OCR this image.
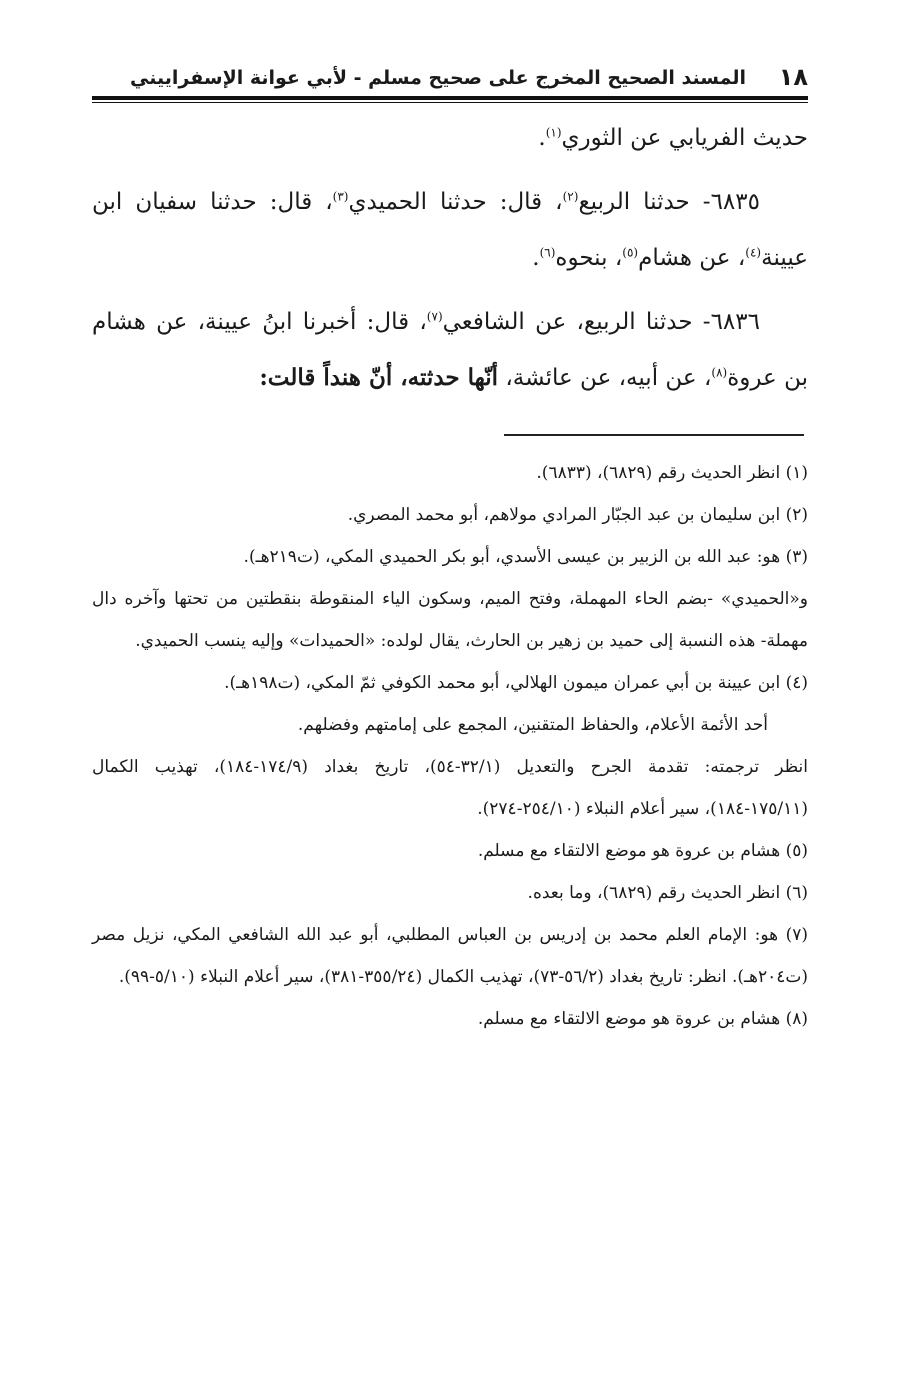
١٨
المسند الصحيح المخرج على صحيح مسلم - لأبي عوانة الإسفراييني

حديث الفريابي عن الثوري$^{(١)}$.

٦٨٣٥- حدثنا الربيع$^{(٢)}$، قال: حدثنا الحميدي$^{(٣)}$، قال: حدثنا سفيان ابن عيينة$^{(٤)}$، عن هشام$^{(٥)}$، بنحوه$^{(٦)}$.

٦٨٣٦- حدثنا الربيع، عن الشافعي$^{(٧)}$، قال: أخبرنا ابنُ عيينة، عن هشام بن عروة$^{(٨)}$، عن أبيه، عن عائشة، أنّها حدثته، أنّ هنداً قالت:

(١) انظر الحديث رقم (٦٨٢٩)، (٦٨٣٣).

(٢) ابن سليمان بن عبد الجبّار المرادي مولاهم، أبو محمد المصري.

(٣) هو: عبد الله بن الزبير بن عيسى الأسدي، أبو بكر الحميدي المكي، (ت٢١٩هـ).

و«الحميدي» -بضم الحاء المهملة، وفتح الميم، وسكون الياء المنقوطة بنقطتين من تحتها وآخره دال مهملة- هذه النسبة إلى حميد بن زهير بن الحارث، يقال لولده: «الحميدات» وإليه ينسب الحميدي.

(٤) ابن عيينة بن أبي عمران ميمون الهلالي، أبو محمد الكوفي ثمّ المكي، (ت١٩٨هـ).

أحد الأئمة الأعلام، والحفاظ المتقنين، المجمع على إمامتهم وفضلهم.

انظر ترجمته: تقدمة الجرح والتعديل (٣٢/١-٥٤)، تاريخ بغداد (١٧٤/٩-١٨٤)، تهذيب الكمال (١٧٥/١١-١٨٤)، سير أعلام النبلاء (٢٥٤/١٠-٢٧٤).

(٥) هشام بن عروة هو موضع الالتقاء مع مسلم.

(٦) انظر الحديث رقم (٦٨٢٩)، وما بعده.

(٧) هو: الإمام العلم محمد بن إدريس بن العباس المطلبي، أبو عبد الله الشافعي المكي، نزيل مصر (ت٢٠٤هـ). انظر: تاريخ بغداد (٥٦/٢-٧٣)، تهذيب الكمال (٣٥٥/٢٤-٣٨١)، سير أعلام النبلاء (٥/١٠-٩٩).

(٨) هشام بن عروة هو موضع الالتقاء مع مسلم.
